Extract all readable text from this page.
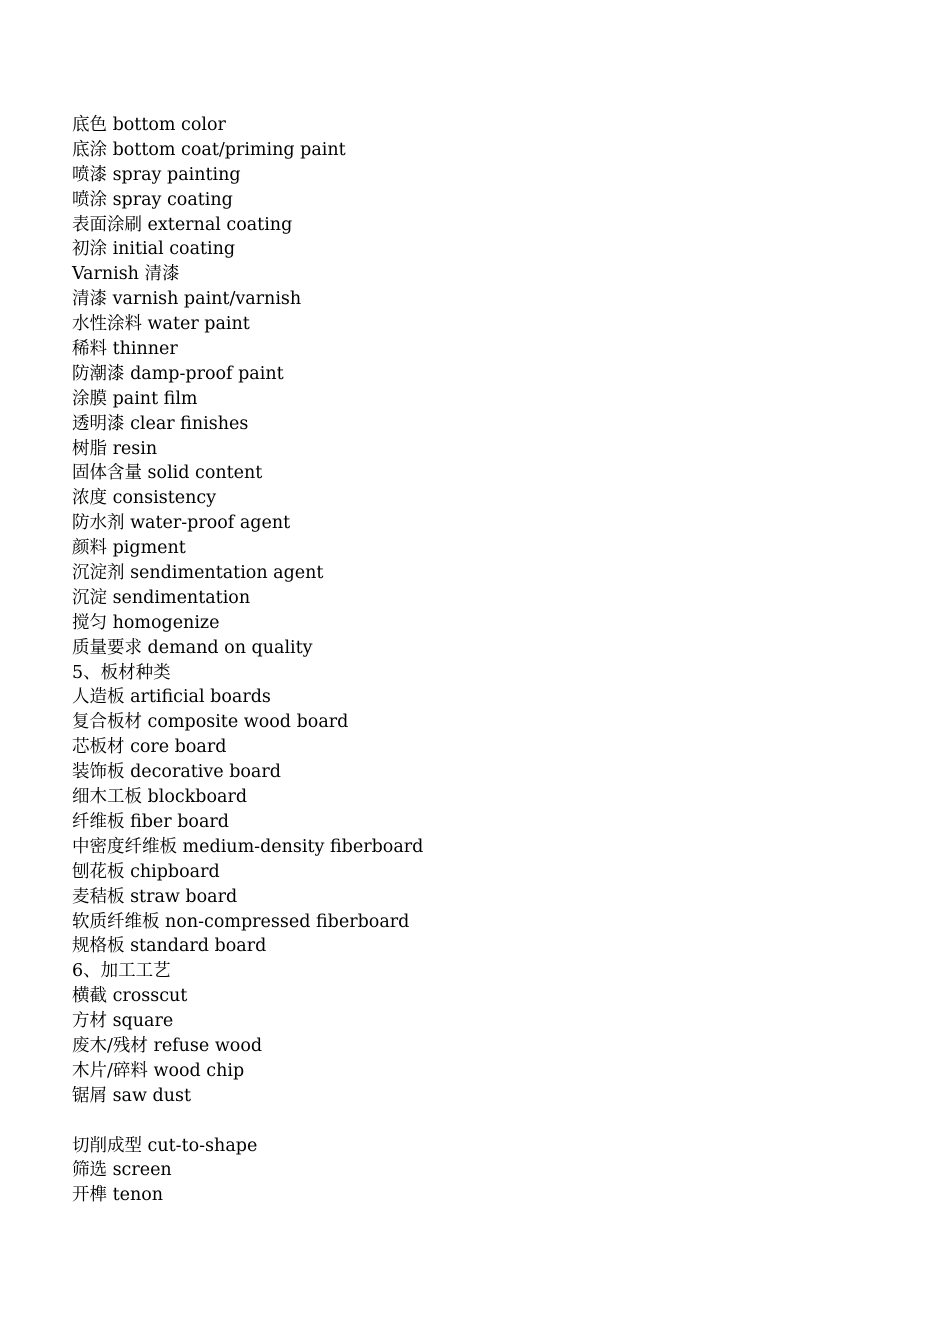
底色 bottom color
底涂 bottom coat/priming paint
喷漆 spray painting
喷涂 spray coating
表面涂刷 external coating
初涂 initial coating
Varnish 清漆
清漆 varnish paint/varnish
水性涂料 water paint
稀料 thinner
防潮漆 damp-proof paint
涂膜 paint film
透明漆 clear finishes
树脂 resin
固体含量 solid content
浓度 consistency
防水剂 water-proof agent
颜料 pigment
沉淀剂 sendimentation agent
沉淀 sendimentation
搅匀 homogenize
质量要求 demand on quality
5、板材种类
人造板 artificial boards
复合板材 composite wood board
芯板材 core board
装饰板 decorative board
细木工板 blockboard
纤维板 fiber board
中密度纤维板 medium-density fiberboard
刨花板 chipboard
麦秸板 straw board
软质纤维板 non-compressed fiberboard
规格板 standard board
6、加工工艺
横截 crosscut
方材 square
废木/残材 refuse wood
木片/碎料 wood chip
锯屑 saw dust
切削成型 cut-to-shape
筛选 screen
开榫 tenon
